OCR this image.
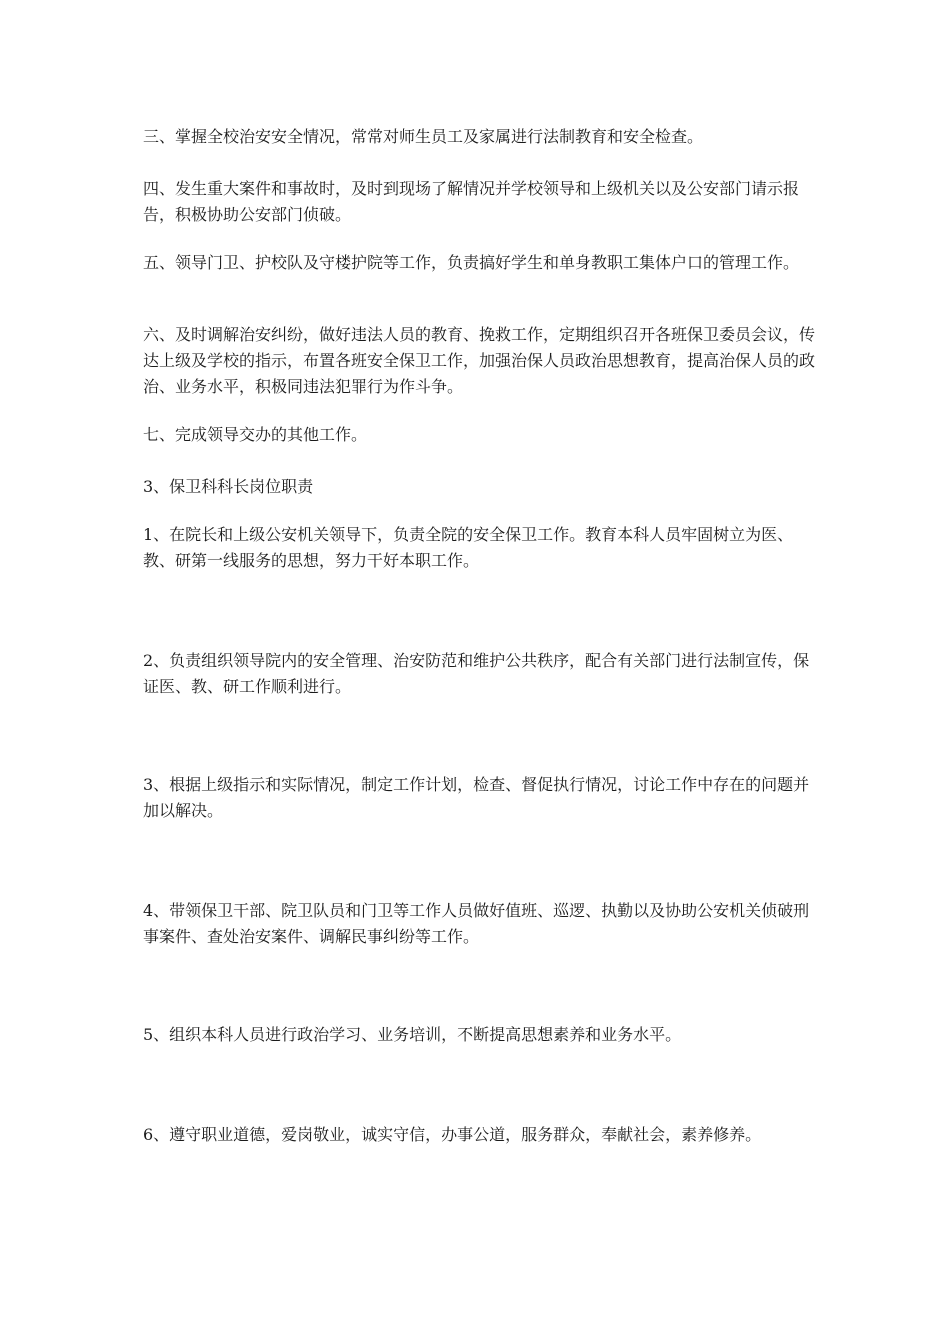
三、掌握全校治安安全情况，常常对师生员工及家属进行法制教育和安全检查。

四、发生重大案件和事故时，及时到现场了解情况并学校领导和上级机关以及公安部门请示报告，积极协助公安部门侦破。

五、领导门卫、护校队及守楼护院等工作，负责搞好学生和单身教职工集体户口的管理工作。

六、及时调解治安纠纷，做好违法人员的教育、挽救工作，定期组织召开各班保卫委员会议，传达上级及学校的指示，布置各班安全保卫工作，加强治保人员政治思想教育，提高治保人员的政治、业务水平，积极同违法犯罪行为作斗争。

七、完成领导交办的其他工作。

3、保卫科科长岗位职责

1、在院长和上级公安机关领导下，负责全院的安全保卫工作。教育本科人员牢固树立为医、教、研第一线服务的思想，努力干好本职工作。

2、负责组织领导院内的安全管理、治安防范和维护公共秩序，配合有关部门进行法制宣传，保证医、教、研工作顺利进行。

3、根据上级指示和实际情况，制定工作计划，检查、督促执行情况，讨论工作中存在的问题并加以解决。

4、带领保卫干部、院卫队员和门卫等工作人员做好值班、巡逻、执勤以及协助公安机关侦破刑事案件、查处治安案件、调解民事纠纷等工作。

5、组织本科人员进行政治学习、业务培训，不断提高思想素养和业务水平。

6、遵守职业道德，爱岗敬业，诚实守信，办事公道，服务群众，奉献社会，素养修养。
